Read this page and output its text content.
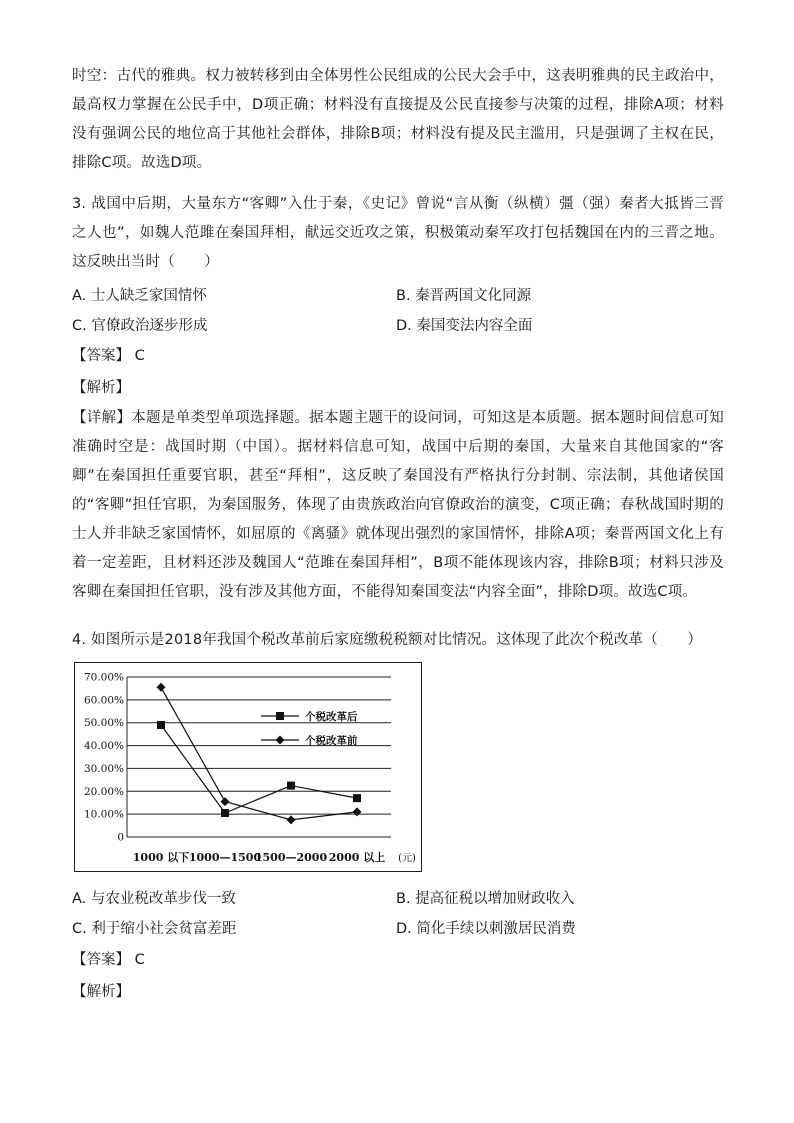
时空：古代的雅典。权力被转移到由全体男性公民组成的公民大会手中，这表明雅典的民主政治中，最高权力掌握在公民手中，D项正确；材料没有直接提及公民直接参与决策的过程，排除A项；材料没有强调公民的地位高于其他社会群体，排除B项；材料没有提及民主滥用，只是强调了主权在民，排除C项。故选D项。

3. 战国中后期，大量东方“客卿”入仕于秦，《史记》曾说“言从衡（纵横）彊（强）秦者大抵皆三晋之人也”，如魏人范雎在秦国拜相，献远交近攻之策，积极策动秦军攻打包括魏国在内的三晋之地。这反映出当时（　　）

A. 士人缺乏家国情怀	B. 秦晋两国文化同源
C. 官僚政治逐步形成	D. 秦国变法内容全面
【答案】 C
【解析】

【详解】本题是单类型单项选择题。据本题主题干的设问词，可知这是本质题。据本题时间信息可知准确时空是：战国时期（中国）。据材料信息可知，战国中后期的秦国，大量来自其他国家的“客卿”在秦国担任重要官职，甚至“拜相”，这反映了秦国没有严格执行分封制、宗法制，其他诸侯国的“客卿”担任官职，为秦国服务，体现了由贵族政治向官僚政治的演变，C项正确；春秋战国时期的士人并非缺乏家国情怀，如屈原的《离骚》就体现出强烈的家国情怀，排除A项；秦晋两国文化上有着一定差距，且材料还涉及魏国人“范雎在秦国拜相”，B项不能体现该内容，排除B项；材料只涉及客卿在秦国担任官职，没有涉及其他方面，不能得知秦国变法“内容全面”，排除D项。故选C项。

4. 如图所示是2018年我国个税改革前后家庭缴税税额对比情况。这体现了此次个税改革（　　）

0
10.00%
20.00%
30.00%
40.00%
50.00%
60.00%
70.00%
1000 以下 1000—1500
1500—2000 2000 以上 (元)
个税改革后
个税改革前
A. 与农业税改革步伐一致	B. 提高征税以增加财政收入
C. 利于缩小社会贫富差距	D. 简化手续以刺激居民消费
【答案】 C
【解析】
